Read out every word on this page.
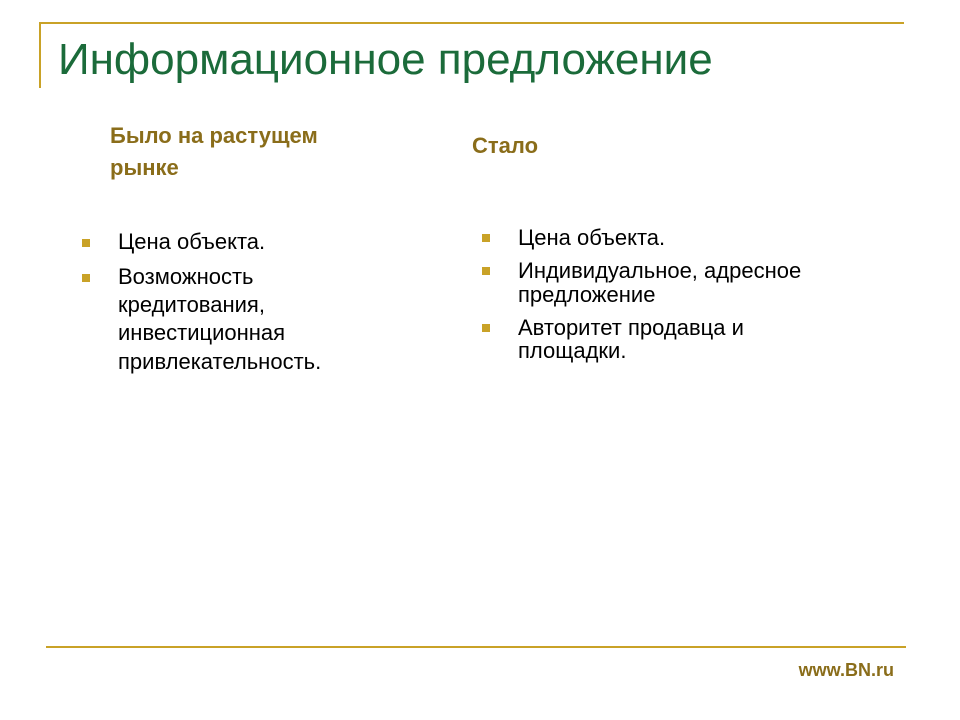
Информационное предложение
Было на растущем рынке
Стало
Цена объекта.
Возможность кредитования, инвестиционная привлекательность.
Цена объекта.
Индивидуальное, адресное предложение
Авторитет продавца и площадки.
www.BN.ru
